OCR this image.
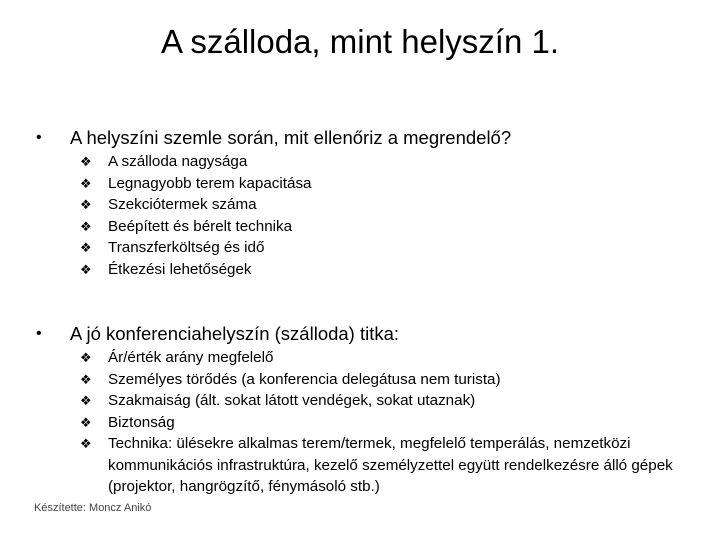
A szálloda, mint helyszín 1.
•	A helyszíni szemle során, mit ellenőriz a megrendelő?
❖	A szálloda nagysága
❖	Legnagyobb terem kapacitása
❖	Szekciótermek száma
❖	Beépített és bérelt technika
❖	Transzferköltség és idő
❖	Étkezési lehetőségek
•	A jó konferenciahelyszín (szálloda) titka:
❖	Ár/érték arány megfelelő
❖	Személyes törődés (a konferencia delegátusa nem turista)
❖	Szakmaiság (ált. sokat látott vendégek, sokat utaznak)
❖	Biztonság
❖	Technika: ülésekre alkalmas terem/termek, megfelelő temperálás, nemzetközi kommunikációs infrastruktúra, kezelő személyzettel együtt rendelkezésre álló gépek (projektor, hangrögzítő, fénymásoló stb.)
Készítette: Moncz Anikó
